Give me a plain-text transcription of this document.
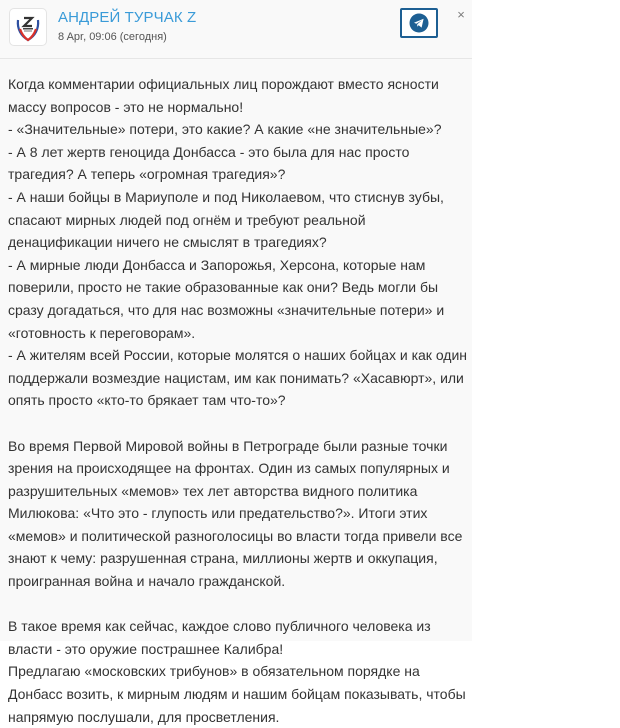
АНДРЕЙ ТУРЧАК Z
8 Apr, 09:06 (сегодня)
×

Когда комментарии официальных лиц порождают вместо ясности массу вопросов - это не нормально!
- «Значительные» потери, это какие? А какие «не значительные»?
- А 8 лет жертв геноцида Донбасса - это была для нас просто трагедия? А теперь «огромная трагедия»?
- А наши бойцы в Мариуполе и под Николаевом, что стиснув зубы, спасают мирных людей под огнём и требуют реальной денацификации ничего не смыслят в трагедиях?
- А мирные люди Донбасса и Запорожья, Херсона, которые нам поверили, просто не такие образованные как они? Ведь могли бы сразу догадаться, что для нас возможны «значительные потери» и «готовность к переговорам».
- А жителям всей России, которые молятся о наших бойцах и как один поддержали возмездие нацистам, им как понимать? «Хасавюрт», или опять просто «кто-то брякает там что-то»?

Во время Первой Мировой войны в Петрограде были разные точки зрения на происходящее на фронтах. Один из самых популярных и разрушительных «мемов» тех лет авторства видного политика Милюкова: «Что это - глупость или предательство?». Итоги этих «мемов» и политической разноголосицы во власти тогда привели все знают к чему: разрушенная страна, миллионы жертв и оккупация, проигранная война и начало гражданской.

В такое время как сейчас, каждое слово публичного человека из власти - это оружие пострашнее Калибра!
Предлагаю «московских трибунов» в обязательном порядке на Донбасс возить, к мирным людям и нашим бойцам показывать, чтобы напрямую послушали, для просветления.
